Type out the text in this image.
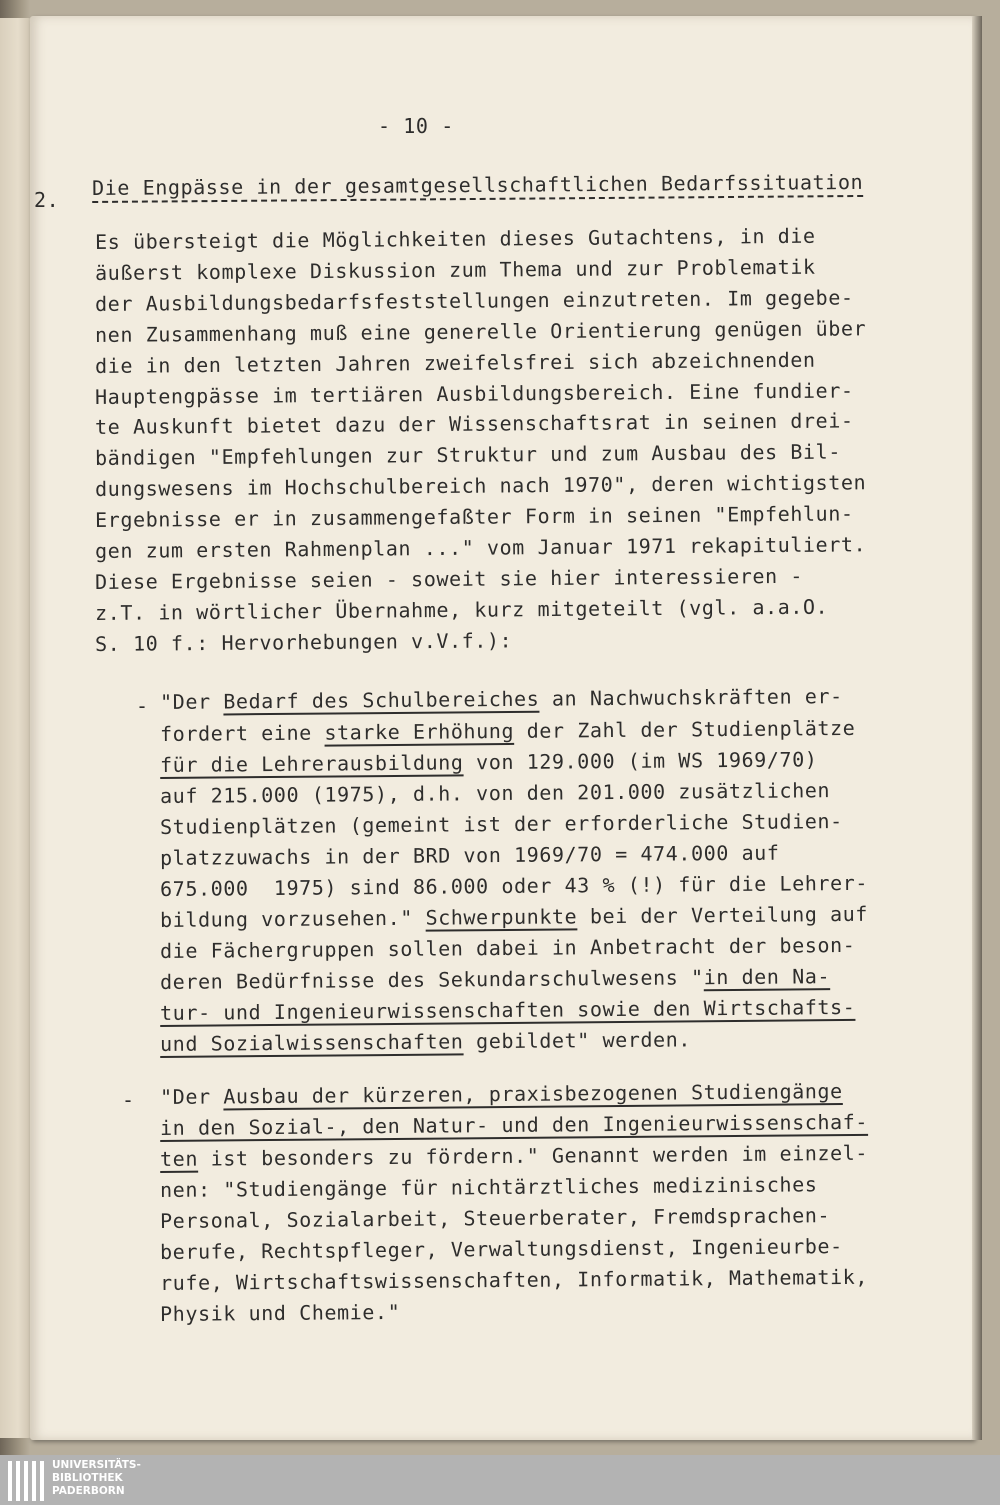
- 10 -
2.
Die Engpässe in der gesamtgesellschaftlichen Bedarfssituation
Es übersteigt die Möglichkeiten dieses Gutachtens, in die
äußerst komplexe Diskussion zum Thema und zur Problematik
der Ausbildungsbedarfsfeststellungen einzutreten. Im gegebe-
nen Zusammenhang muß eine generelle Orientierung genügen über
die in den letzten Jahren zweifelsfrei sich abzeichnenden
Hauptengpässe im tertiären Ausbildungsbereich. Eine fundier-
te Auskunft bietet dazu der Wissenschaftsrat in seinen drei-
bändigen "Empfehlungen zur Struktur und zum Ausbau des Bil-
dungswesens im Hochschulbereich nach 1970", deren wichtigsten
Ergebnisse er in zusammengefaßter Form in seinen "Empfehlun-
gen zum ersten Rahmenplan ..." vom Januar 1971 rekapituliert.
Diese Ergebnisse seien - soweit sie hier interessieren -
z.T. in wörtlicher Übernahme, kurz mitgeteilt (vgl. a.a.O.
S. 10 f.: Hervorhebungen v.V.f.):
- "Der Bedarf des Schulbereiches an Nachwuchskräften er-
fordert eine starke Erhöhung der Zahl der Studienplätze
für die Lehrerausbildung von 129.000 (im WS 1969/70)
auf 215.000 (1975), d.h. von den 201.000 zusätzlichen
Studienplätzen (gemeint ist der erforderliche Studien-
platzzuwachs in der BRD von 1969/70 = 474.000 auf
675.000  1975) sind 86.000 oder 43 % (!) für die Lehrer-
bildung vorzusehen." Schwerpunkte bei der Verteilung auf
die Fächergruppen sollen dabei in Anbetracht der beson-
deren Bedürfnisse des Sekundarschulwesens "in den Na-
tur- und Ingenieurwissenschaften sowie den Wirtschafts-
und Sozialwissenschaften gebildet" werden.
- "Der Ausbau der kürzeren, praxisbezogenen Studiengänge
in den Sozial-, den Natur- und den Ingenieurwissenschaf-
ten ist besonders zu fördern." Genannt werden im einzel-
nen: "Studiengänge für nichtärztliches medizinisches
Personal, Sozialarbeit, Steuerberater, Fremdsprachen-
berufe, Rechtspfleger, Verwaltungsdienst, Ingenieurbe-
rufe, Wirtschaftswissenschaften, Informatik, Mathematik,
Physik und Chemie."
UNIVERSITÄTS-
BIBLIOTHEK
PADERBORN
